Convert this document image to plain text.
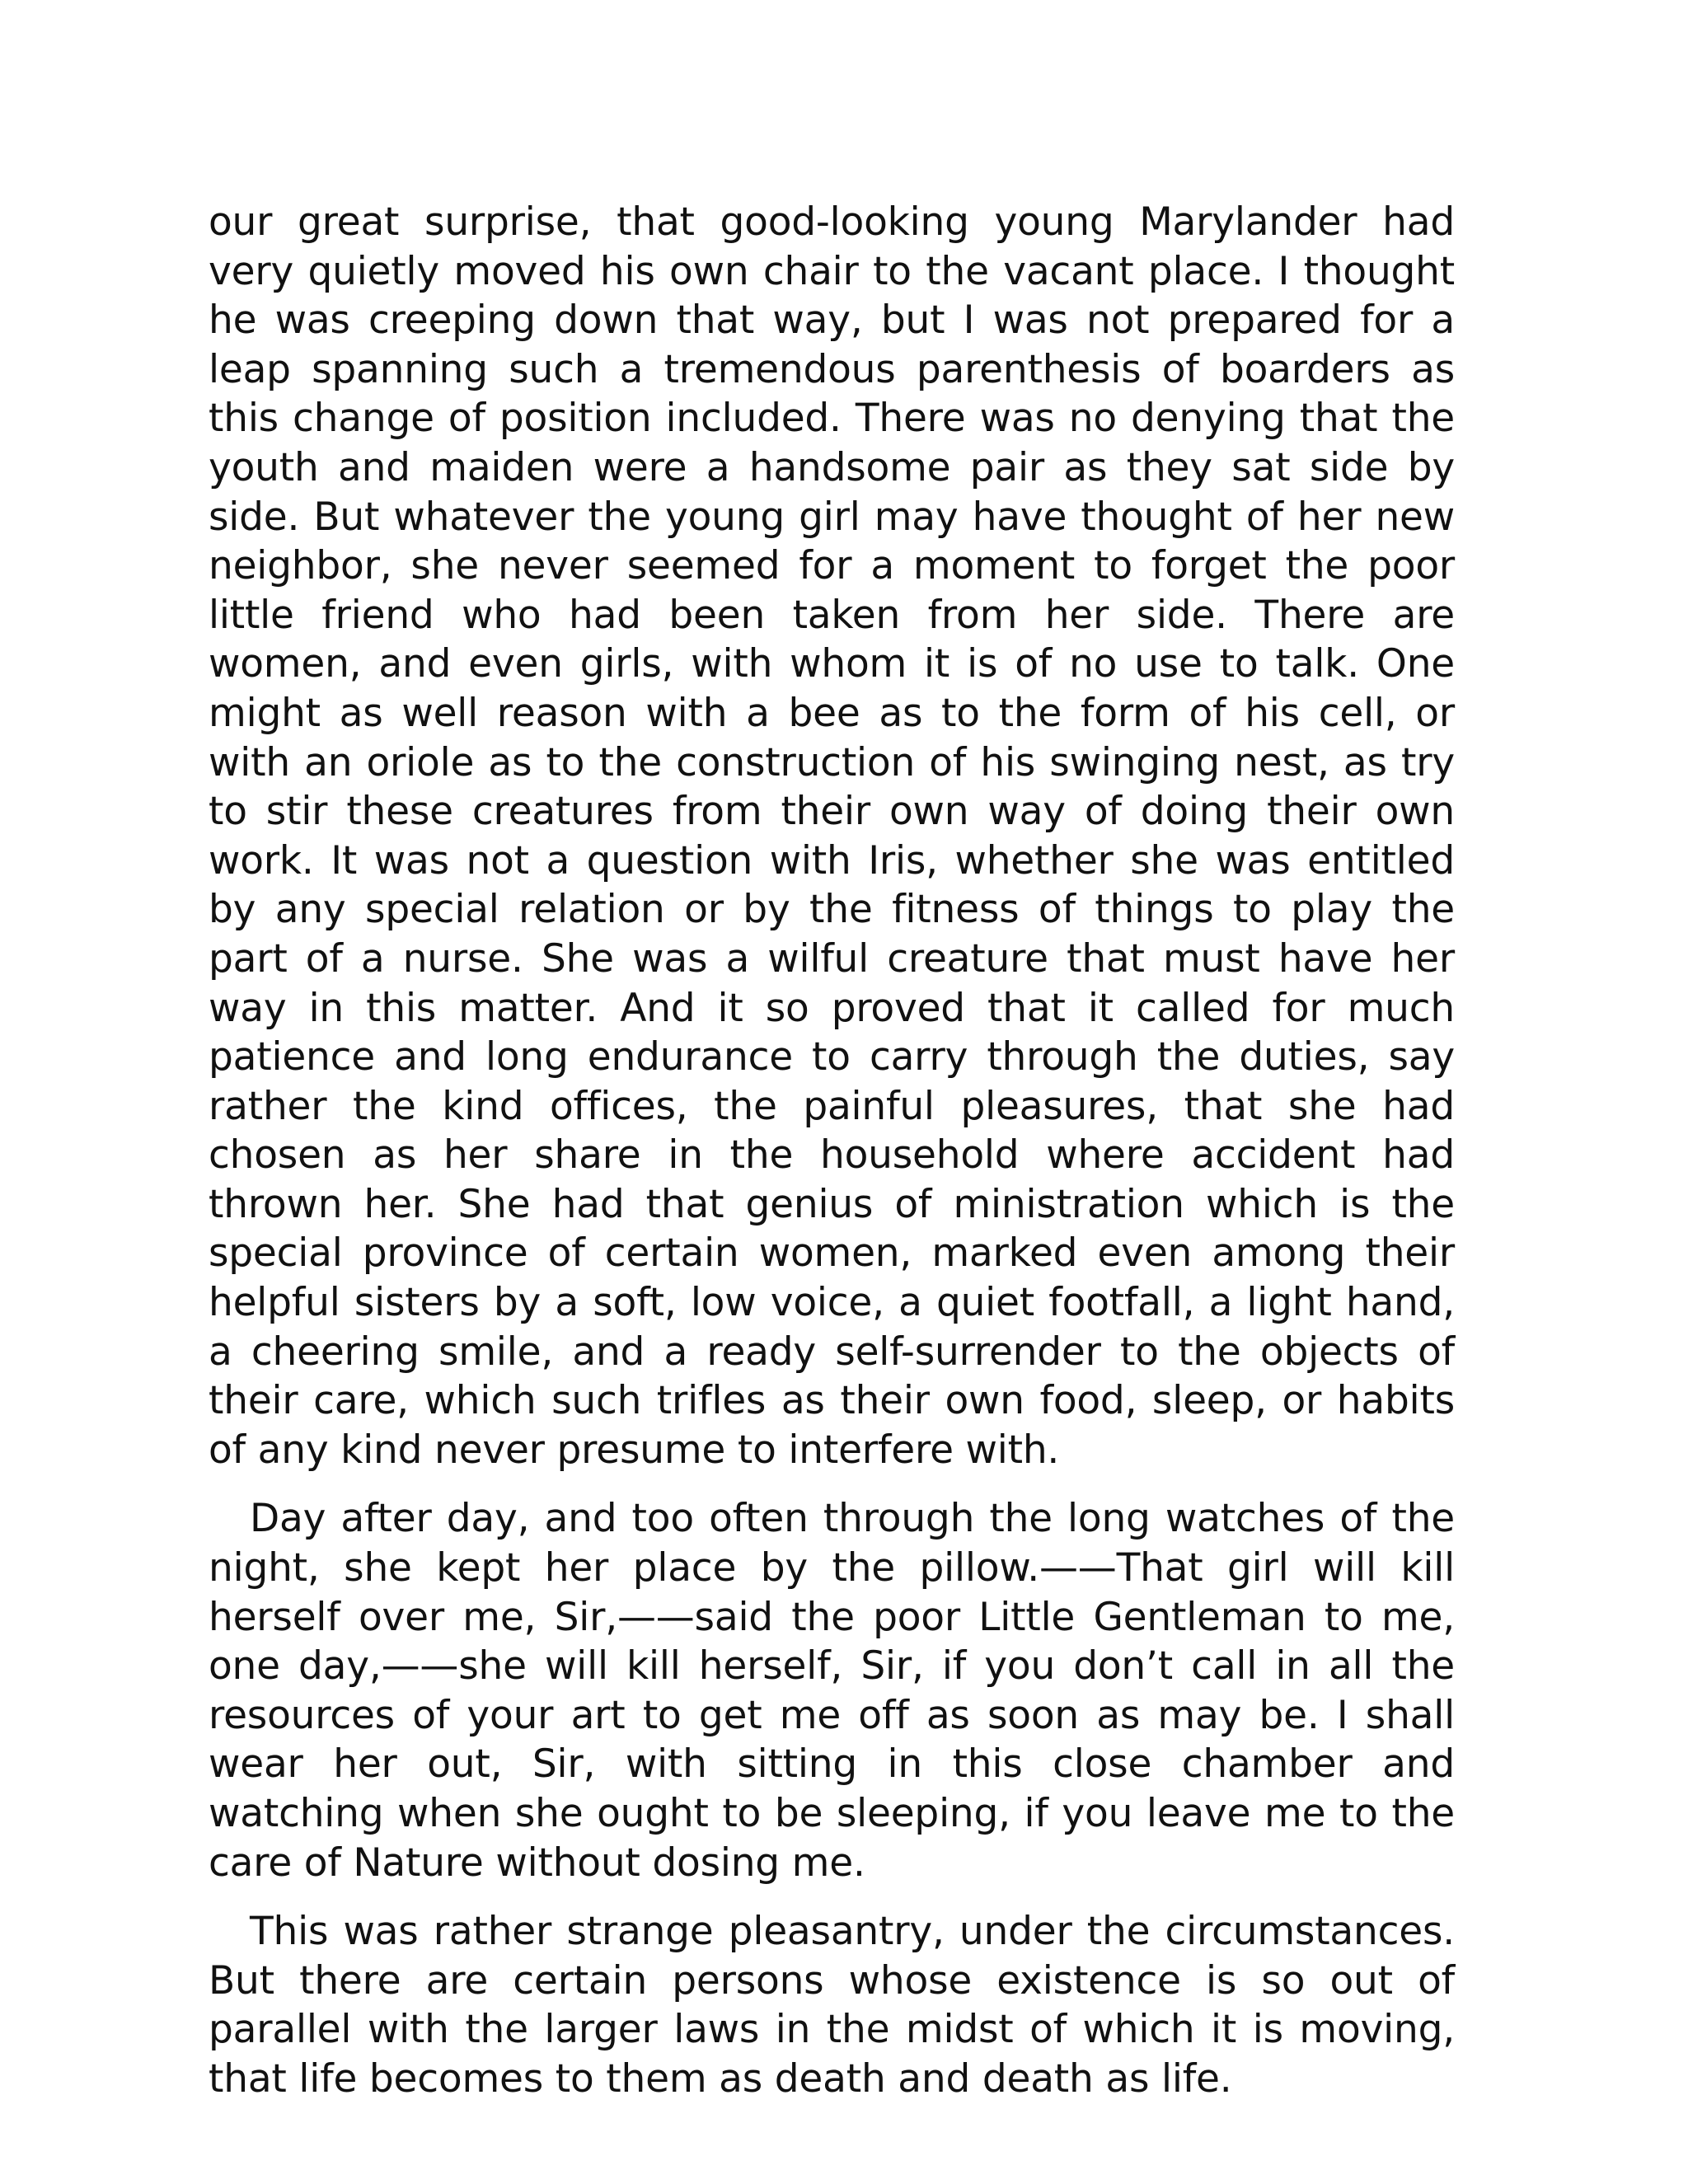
our great surprise, that good-looking young Marylander had very quietly moved his own chair to the vacant place. I thought he was creeping down that way, but I was not prepared for a leap spanning such a tremendous parenthesis of boarders as this change of position included. There was no denying that the youth and maiden were a handsome pair as they sat side by side. But whatever the young girl may have thought of her new neighbor, she never seemed for a moment to forget the poor little friend who had been taken from her side. There are women, and even girls, with whom it is of no use to talk. One might as well reason with a bee as to the form of his cell, or with an oriole as to the construction of his swinging nest, as try to stir these creatures from their own way of doing their own work. It was not a question with Iris, whether she was entitled by any special relation or by the fitness of things to play the part of a nurse. She was a wilful creature that must have her way in this matter. And it so proved that it called for much patience and long endurance to carry through the duties, say rather the kind offices, the painful pleasures, that she had chosen as her share in the household where accident had thrown her. She had that genius of ministration which is the special province of certain women, marked even among their helpful sisters by a soft, low voice, a quiet footfall, a light hand, a cheering smile, and a ready self-surrender to the objects of their care, which such trifles as their own food, sleep, or habits of any kind never presume to interfere with.

Day after day, and too often through the long watches of the night, she kept her place by the pillow.——That girl will kill herself over me, Sir,——said the poor Little Gentleman to me, one day,——she will kill herself, Sir, if you don’t call in all the resources of your art to get me off as soon as may be. I shall wear her out, Sir, with sitting in this close chamber and watching when she ought to be sleeping, if you leave me to the care of Nature without dosing me.

This was rather strange pleasantry, under the circumstances. But there are certain persons whose existence is so out of parallel with the larger laws in the midst of which it is moving, that life becomes to them as death and death as life.
